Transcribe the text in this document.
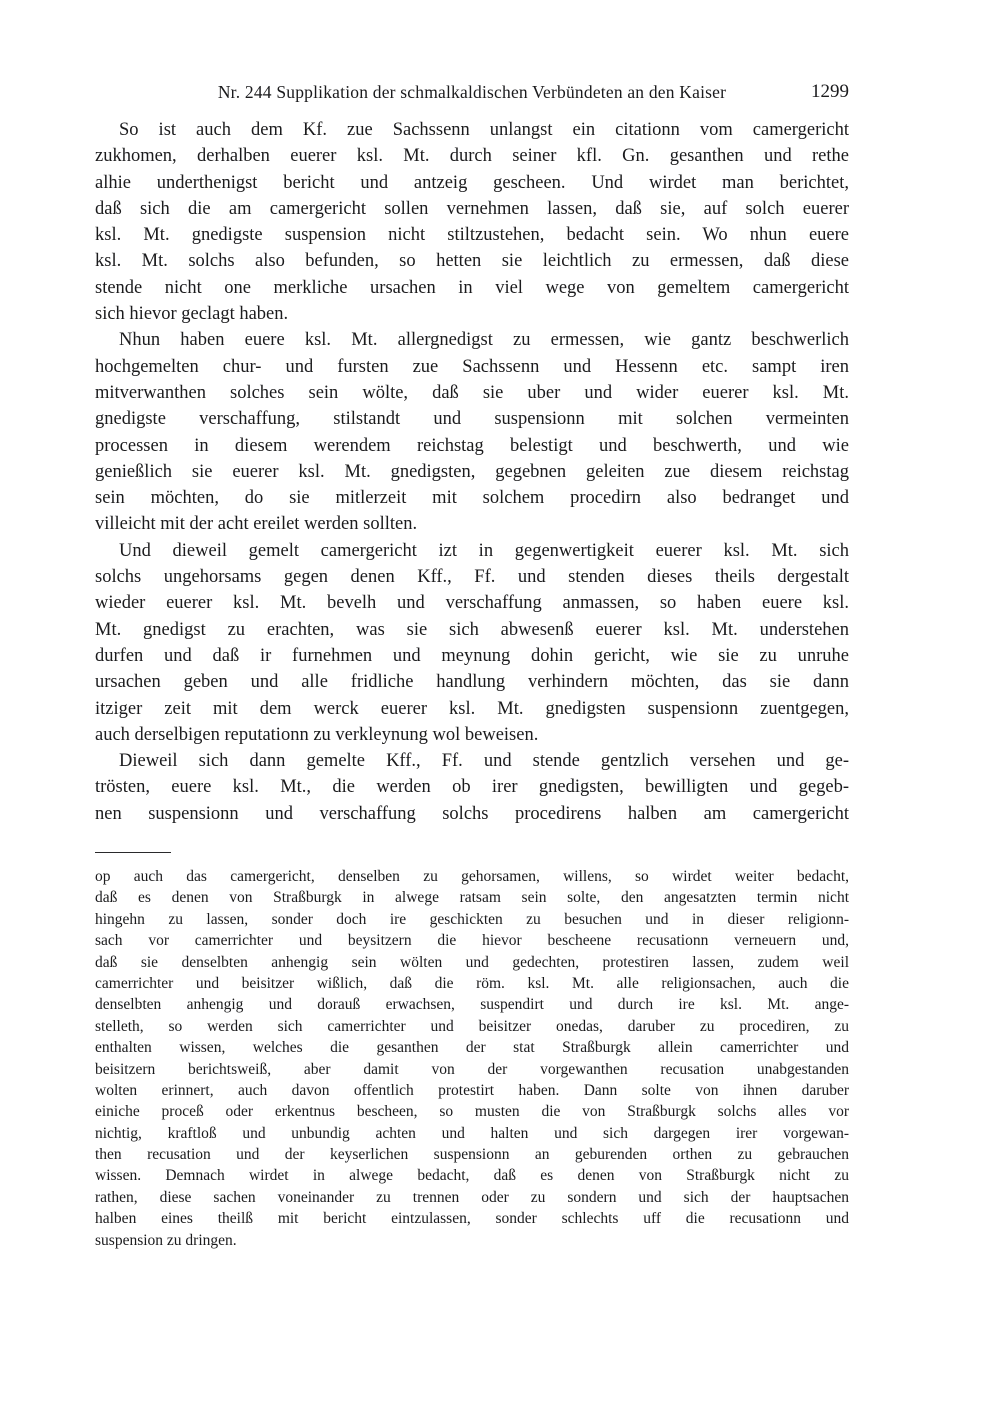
Nr. 244 Supplikation der schmalkaldischen Verbündeten an den Kaiser	1299
So ist auch dem Kf. zue Sachssenn unlangst ein citationn vom camergericht
zukhomen, derhalben euerer ksl. Mt. durch seiner kfl. Gn. gesanthen und rethe
alhie underthenigst bericht und antzeig gescheen. Und wirdet man berichtet,
daß sich die am camergericht sollen vernehmen lassen, daß sie, auf solch euerer
ksl. Mt. gnedigste suspension nicht stiltzustehen, bedacht sein. Wo nhun euere
ksl. Mt. solchs also befunden, so hetten sie leichtlich zu ermessen, daß diese
stende nicht one merkliche ursachen in viel wege von gemeltem camergericht
sich hievor geclagt haben.
Nhun haben euere ksl. Mt. allergnedigst zu ermessen, wie gantz beschwerlich
hochgemelten chur- und fursten zue Sachssenn und Hessenn etc. sampt iren
mitverwanthen solches sein wölte, daß sie uber und wider euerer ksl. Mt.
gnedigste verschaffung, stilstandt und suspensionn mit solchen vermeinten
processen in diesem werendem reichstag belestigt und beschwerth, und wie
genießlich sie euerer ksl. Mt. gnedigsten, gegebnen geleiten zue diesem reichstag
sein möchten, do sie mitlerzeit mit solchem procedirn also bedranget und
villeicht mit der acht ereilet werden sollten.
Und dieweil gemelt camergericht izt in gegenwertigkeit euerer ksl. Mt. sich
solchs ungehorsams gegen denen Kff., Ff. und stenden dieses theils dergestalt
wieder euerer ksl. Mt. bevelh und verschaffung anmassen, so haben euere ksl.
Mt. gnedigst zu erachten, was sie sich abwesenß euerer ksl. Mt. understehen
durfen und daß ir furnehmen und meynung dohin gericht, wie sie zu unruhe
ursachen geben und alle fridliche handlung verhindern möchten, das sie dann
itziger zeit mit dem werck euerer ksl. Mt. gnedigsten suspensionn zuentgegen,
auch derselbigen reputationn zu verkleynung wol beweisen.
Dieweil sich dann gemelte Kff., Ff. und stende gentzlich versehen und ge-
trösten, euere ksl. Mt., die werden ob irer gnedigsten, bewilligten und gegeb-
nen suspensionn und verschaffung solchs procedirens halben am camergericht
op auch das camergericht, denselben zu gehorsamen, willens, so wirdet weiter bedacht,
daß es denen von Straßburgk in alwege ratsam sein solte, den angesatzten termin nicht
hingehn zu lassen, sonder doch ire geschickten zu besuchen und in dieser religionn-
sach vor camerrichter und beysitzern die hievor bescheene recusationn verneuern und,
daß sie denselbten anhengig sein wölten und gedechten, protestiren lassen, zudem weil
camerrichter und beisitzer wißlich, daß die röm. ksl. Mt. alle religionsachen, auch die
denselbten anhengig und dorauß erwachsen, suspendirt und durch ire ksl. Mt. ange-
stelleth, so werden sich camerrichter und beisitzer onedas, daruber zu procediren, zu
enthalten wissen, welches die gesanthen der stat Straßburgk allein camerrichter und
beisitzern berichtsweiß, aber damit von der vorgewanthen recusation unabgestanden
wolten erinnert, auch davon offentlich protestirt haben. Dann solte von ihnen daruber
einiche proceß oder erkentnus bescheen, so musten die von Straßburgk solchs alles vor
nichtig, kraftloß und unbundig achten und halten und sich dargegen irer vorgewan-
then recusation und der keyserlichen suspensionn an geburenden orthen zu gebrauchen
wissen. Demnach wirdet in alwege bedacht, daß es denen von Straßburgk nicht zu
rathen, diese sachen voneinander zu trennen oder zu sondern und sich der hauptsachen
halben eines theilß mit bericht eintzulassen, sonder schlechts uff die recusationn und
suspension zu dringen.
